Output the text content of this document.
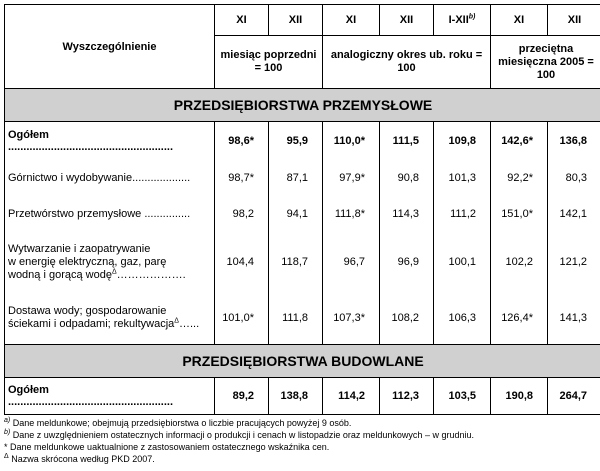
Wyszczególnienie	XI	XII	XI	XII	I-XII$^{b)}$	XI	XII
	miesiąc poprzedni = 100		analogiczny okres ub. roku = 100			przeciętna miesięczna 2005 = 100	
PRZEDSIĘBIORSTWA PRZEMYSŁOWE							
Ogółem ......................................................	98,6*	95,9	110,0*	111,5	109,8	142,6*	136,8
Górnictwo i wydobywanie...................	98,7*	87,1	97,9*	90,8	101,3	92,2*	80,3
Przetwórstwo przemysłowe ...............	98,2	94,1	111,8*	114,3	111,2	151,0*	142,1

Wytwarzanie i zaopatrywanie
w energię elektryczną, gaz, parę
wodną i gorącą wodę$^\Delta$……………….	104,4	118,7	96,7	96,9	100,1	102,2	121,2

Dostawa wody; gospodarowanie
ściekami i odpadami; rekultywacja$^\Delta$…...	101,0*	111,8	107,3*	108,2	106,3	126,4*	141,3
PRZEDSIĘBIORSTWA BUDOWLANE							
Ogółem ......................................................	89,2	138,8	114,2	112,3	103,5	190,8	264,7
$^{a)}$ Dane meldunkowe; obejmują przedsiębiorstwa o liczbie pracujących powyżej 9 osób.
$^{b)}$ Dane z uwzględnieniem ostatecznych informacji o produkcji i cenach w listopadzie oraz meldunkowych – w grudniu.
* Dane meldunkowe uaktualnione z zastosowaniem ostatecznego wskaźnika cen.
$^\Delta$ Nazwa skrócona według PKD 2007.
